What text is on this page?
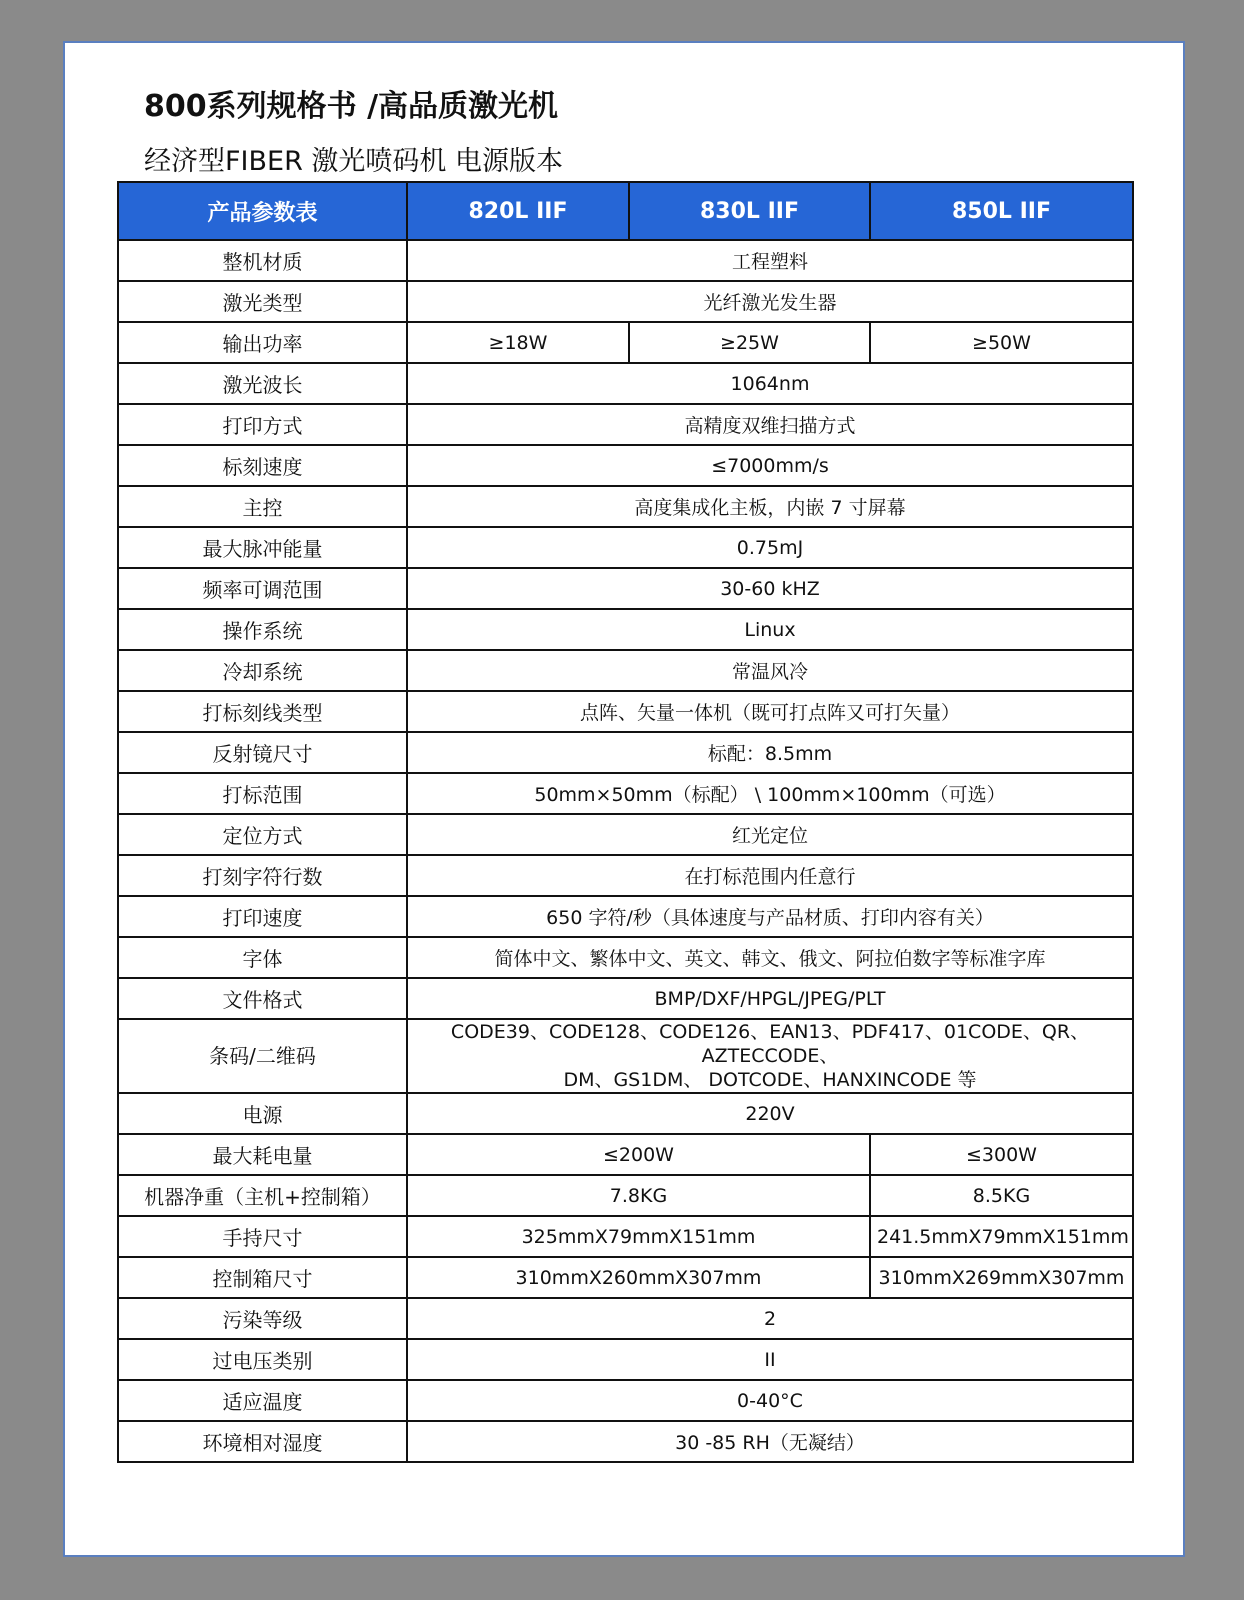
800系列规格书 /高品质激光机
经济型FIBER 激光喷码机 电源版本
产品参数表	820L IIF	830L IIF	850L IIF
整机材质	工程塑料		
激光类型	光纤激光发生器		
输出功率	≥18W	≥25W	≥50W
激光波长	1064nm		
打印方式	高精度双维扫描方式		
标刻速度	≤7000mm/s		
主控	高度集成化主板，内嵌 7 寸屏幕		
最大脉冲能量	0.75mJ		
频率可调范围	30-60 kHZ		
操作系统	Linux		
冷却系统	常温风冷		
打标刻线类型	点阵、矢量一体机（既可打点阵又可打矢量）		
反射镜尺寸	标配：8.5mm		
打标范围	50mm×50mm（标配） \ 100mm×100mm（可选）		
定位方式	红光定位		
打刻字符行数	在打标范围内任意行		
打印速度	650 字符/秒（具体速度与产品材质、打印内容有关）		
字体	简体中文、繁体中文、英文、韩文、俄文、阿拉伯数字等标准字库		
文件格式	BMP/DXF/HPGL/JPEG/PLT		
条码/二维码	CODE39、CODE128、CODE126、EAN13、PDF417、01CODE、QR、AZTECCODE、
DM、GS1DM、 DOTCODE、HANXINCODE 等		

电源	220V		
最大耗电量	≤200W		≤300W
机器净重（主机+控制箱）	7.8KG		8.5KG
手持尺寸	325mmX79mmX151mm		241.5mmX79mmX151mm
控制箱尺寸	310mmX260mmX307mm		310mmX269mmX307mm
污染等级	2		
过电压类别	II		
适应温度	0-40°C		
环境相对湿度	30 -85 RH（无凝结）		
